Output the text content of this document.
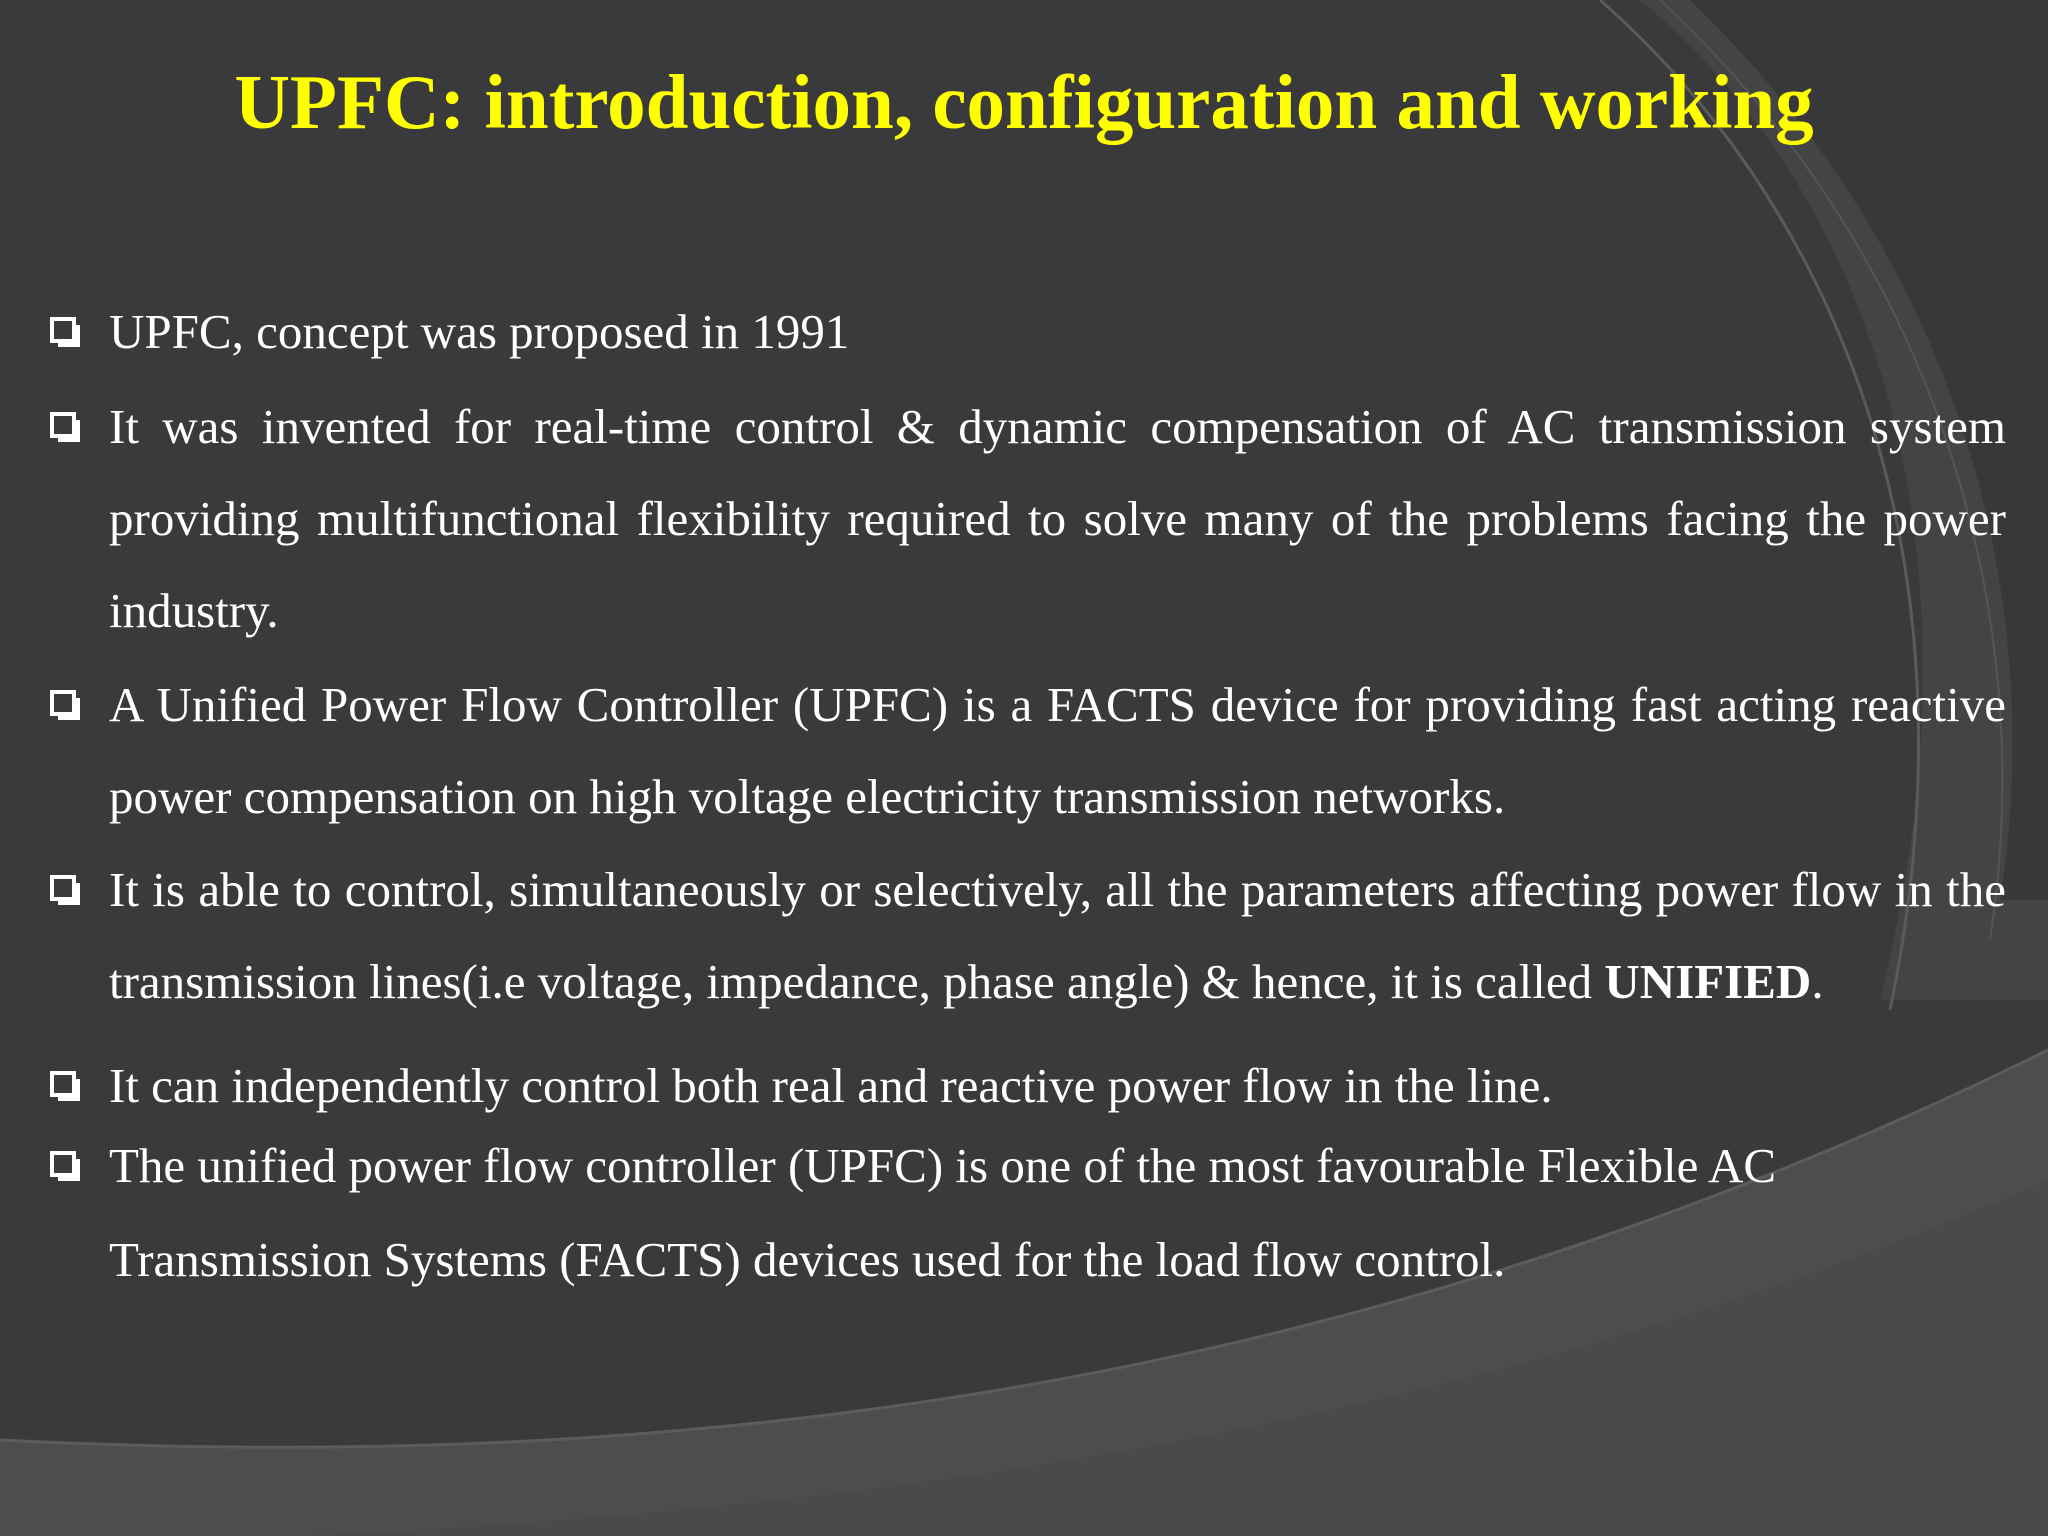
UPFC: introduction, configuration and working

UPFC, concept was proposed in 1991

It was invented for real-time control & dynamic compensation of AC transmission system providing multifunctional flexibility required to solve many of the problems facing the power industry.

A Unified Power Flow Controller (UPFC) is a FACTS device for providing fast acting reactive power compensation on high voltage electricity transmission networks.

It is able to control, simultaneously or selectively, all the parameters affecting power flow in the transmission lines(i.e voltage, impedance, phase angle) & hence, it is called UNIFIED.

It can independently control both real and reactive power flow in the line.

The unified power flow controller (UPFC) is one of the most favourable Flexible AC

Transmission Systems (FACTS) devices used for the load flow control.
